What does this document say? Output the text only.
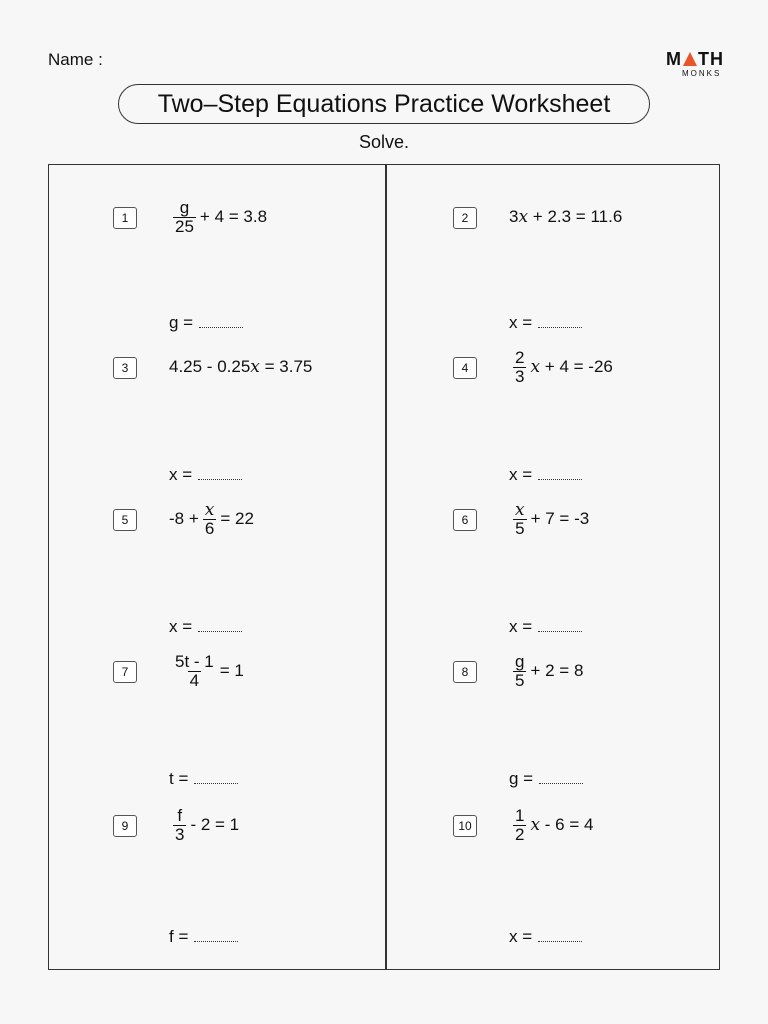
Name :	M TH
MONKS
Two–Step Equations Practice Worksheet
Solve.
1	$\frac{g}{25} + 4 = 3.8$
g =
2	3 x
+ 2.3 = 11.6
x =
3	4.25 - 0.25 x
= 3.75
x =
4	$\frac{2}{3}$ x
+ 4 = -26
x =
5	$-8 + \frac{x}{6} = 22$
x =
6	$\frac{x}{5} + 7 = -3$
x =
7	$\frac{5t - 1}{4} = 1$
t =
8	$\frac{g}{5} + 2 = 8$
g =
9	$\frac{f}{3} - 2 = 1$
f =
10	$\frac{1}{2}$ x
- 6 = 4
x =
